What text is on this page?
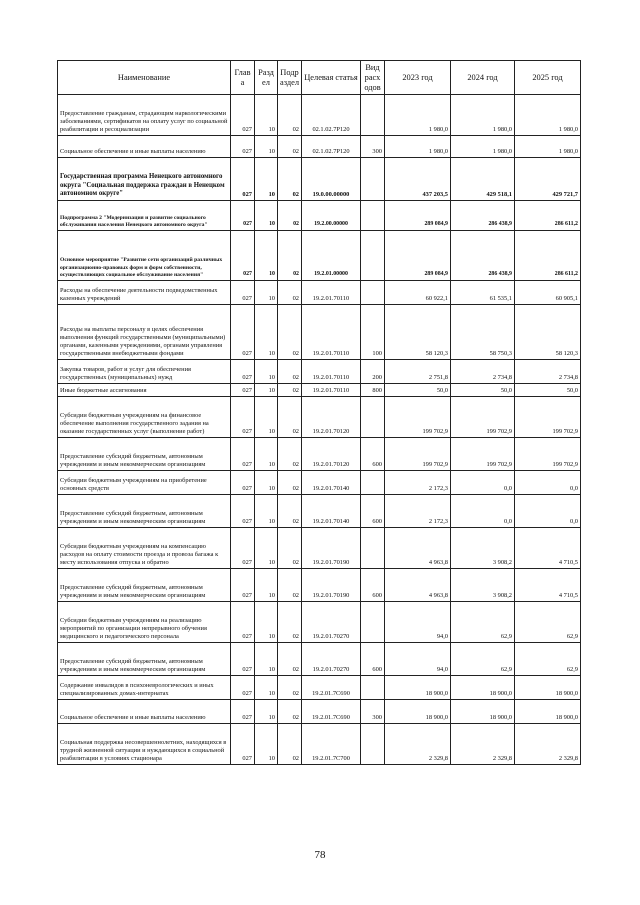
Наименование	Глав а	Разд ел	Подр аздел	Целевая статья	Вид расх одов	2023 год	2024 год	2025 год
Предоставление гражданам, страдающим наркологическими заболеваниями, сертификатов на оплату услуг по социальной реабилитации и ресоциализации	027	10	02	02.1.02.7Р120		1 980,0	1 980,0	1 980,0
Социальное обеспечение и иные выплаты населению	027	10	02	02.1.02.7Р120	300	1 980,0	1 980,0	1 980,0
Государственная программа Ненецкого автономного округа "Социальная поддержка граждан в Ненецком автономном округе"	027	10	02	19.0.00.00000		437 203,5	429 518,1	429 721,7
Подпрограмма 2 "Модернизация и развитие социального обслуживания населения Ненецкого автономного округа"	027	10	02	19.2.00.00000		289 084,9	286 438,9	286 611,2
Основное мероприятие "Развитие сети организаций различных организационно-правовых форм и форм собственности, осуществляющих социальное обслуживание населения"	027	10	02	19.2.01.00000		289 084,9	286 438,9	286 611,2
Расходы на обеспечение деятельности подведомственных казенных учреждений	027	10	02	19.2.01.70110		60 922,1	61 535,1	60 905,1
Расходы на выплаты персоналу в целях обеспечения выполнения функций государственными (муниципальными) органами, казенными учреждениями, органами управления государственными внебюджетными фондами	027	10	02	19.2.01.70110	100	58 120,3	58 750,3	58 120,3
Закупка товаров, работ и услуг для обеспечения государственных (муниципальных) нужд	027	10	02	19.2.01.70110	200	2 751,8	2 734,8	2 734,8
Иные бюджетные ассигнования	027	10	02	19.2.01.70110	800	50,0	50,0	50,0
Субсидии бюджетным учреждениям на финансовое обеспечение выполнения государственного задания на оказание государственных услуг (выполнение работ)	027	10	02	19.2.01.70120		199 702,9	199 702,9	199 702,9
Предоставление субсидий бюджетным, автономным учреждениям и иным некоммерческим организациям	027	10	02	19.2.01.70120	600	199 702,9	199 702,9	199 702,9
Субсидии бюджетным учреждениям на приобретение основных средств	027	10	02	19.2.01.70140		2 172,3	0,0	0,0
Предоставление субсидий бюджетным, автономным учреждениям и иным некоммерческим организациям	027	10	02	19.2.01.70140	600	2 172,3	0,0	0,0
Субсидии бюджетным учреждениям на компенсацию расходов на оплату стоимости проезда и провоза багажа к месту использования отпуска и обратно	027	10	02	19.2.01.70190		4 963,8	3 908,2	4 710,5
Предоставление субсидий бюджетным, автономным учреждениям и иным некоммерческим организациям	027	10	02	19.2.01.70190	600	4 963,8	3 908,2	4 710,5
Субсидии бюджетным учреждениям на реализацию мероприятий по организации непрерывного обучения медицинского и педагогического персонала	027	10	02	19.2.01.70270		94,0	62,9	62,9
Предоставление субсидий бюджетным, автономным учреждениям и иным некоммерческим организациям	027	10	02	19.2.01.70270	600	94,0	62,9	62,9
Содержание инвалидов в психоневрологических и иных специализированных домах-интернатах	027	10	02	19.2.01.7С690		18 900,0	18 900,0	18 900,0
Социальное обеспечение и иные выплаты населению	027	10	02	19.2.01.7С690	300	18 900,0	18 900,0	18 900,0
Социальная поддержка несовершеннолетних, находящихся в трудной жизненной ситуации и нуждающихся в социальной реабилитации в условиях стационара	027	10	02	19.2.01.7С700		2 329,8	2 329,8	2 329,8
78
